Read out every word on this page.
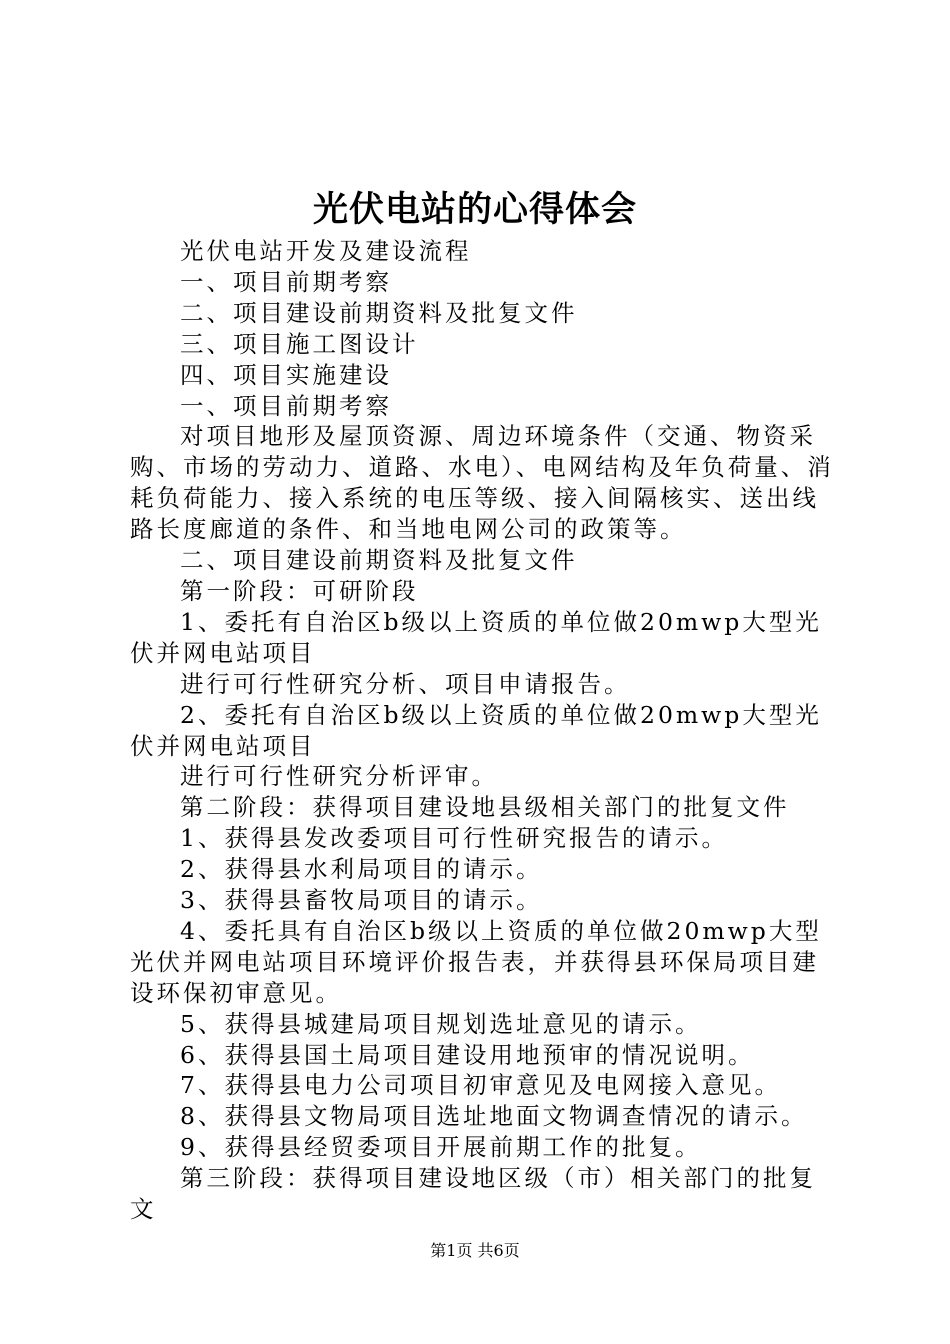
光伏电站的心得体会

光伏电站开发及建设流程

一、项目前期考察

二、项目建设前期资料及批复文件

三、项目施工图设计

四、项目实施建设

一、项目前期考察

对项目地形及屋顶资源、周边环境条件（交通、物资采购、市场的劳动力、道路、水电）、电网结构及年负荷量、消耗负荷能力、接入系统的电压等级、接入间隔核实、送出线路长度廊道的条件、和当地电网公司的政策等。

二、项目建设前期资料及批复文件

第一阶段：可研阶段

1、委托有自治区b级以上资质的单位做20mwp大型光伏并网电站项目

进行可行性研究分析、项目申请报告。

2、委托有自治区b级以上资质的单位做20mwp大型光伏并网电站项目

进行可行性研究分析评审。

第二阶段：获得项目建设地县级相关部门的批复文件

1、获得县发改委项目可行性研究报告的请示。

2、获得县水利局项目的请示。

3、获得县畜牧局项目的请示。

4、委托具有自治区b级以上资质的单位做20mwp大型光伏并网电站项目环境评价报告表，并获得县环保局项目建设环保初审意见。

5、获得县城建局项目规划选址意见的请示。

6、获得县国土局项目建设用地预审的情况说明。

7、获得县电力公司项目初审意见及电网接入意见。

8、获得县文物局项目选址地面文物调查情况的请示。

9、获得县经贸委项目开展前期工作的批复。

第三阶段：获得项目建设地区级（市）相关部门的批复文

第1页 共6页
